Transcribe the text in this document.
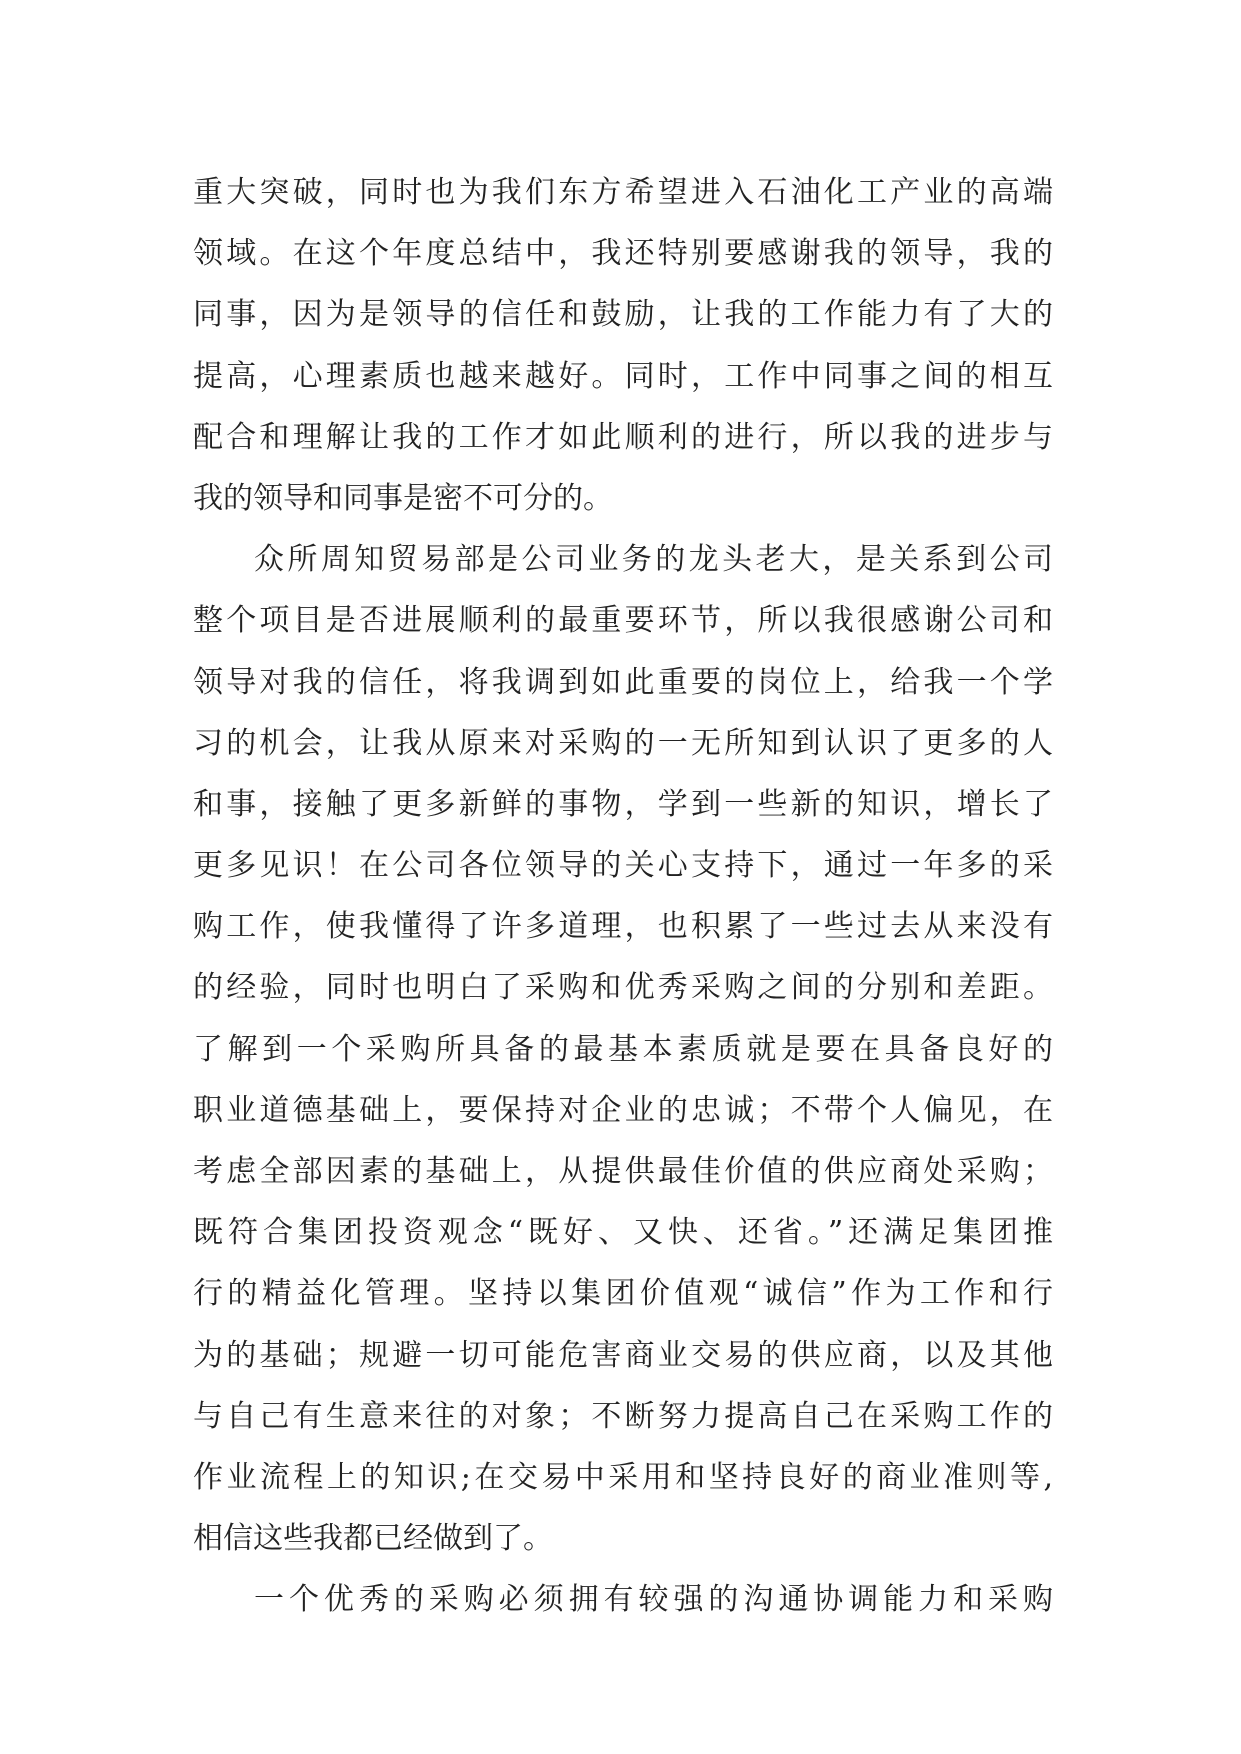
重大突破，同时也为我们东方希望进入石油化工产业的高端
领域。在这个年度总结中，我还特别要感谢我的领导，我的
同事，因为是领导的信任和鼓励，让我的工作能力有了大的
提高，心理素质也越来越好。同时，工作中同事之间的相互
配合和理解让我的工作才如此顺利的进行，所以我的进步与
我的领导和同事是密不可分的。
众所周知贸易部是公司业务的龙头老大，是关系到公司
整个项目是否进展顺利的最重要环节，所以我很感谢公司和
领导对我的信任，将我调到如此重要的岗位上，给我一个学
习的机会，让我从原来对采购的一无所知到认识了更多的人
和事，接触了更多新鲜的事物，学到一些新的知识，增长了
更多见识！在公司各位领导的关心支持下，通过一年多的采
购工作，使我懂得了许多道理，也积累了一些过去从来没有
的经验，同时也明白了采购和优秀采购之间的分别和差距。
了解到一个采购所具备的最基本素质就是要在具备良好的
职业道德基础上，要保持对企业的忠诚；不带个人偏见，在
考虑全部因素的基础上，从提供最佳价值的供应商处采购；
既符合集团投资观念“既好、又快、还省。”还满足集团推
行的精益化管理。坚持以集团价值观“诚信”作为工作和行
为的基础；规避一切可能危害商业交易的供应商，以及其他
与自己有生意来往的对象；不断努力提高自己在采购工作的
作业流程上的知识;在交易中采用和坚持良好的商业准则等,
相信这些我都已经做到了。
一个优秀的采购必须拥有较强的沟通协调能力和采购
